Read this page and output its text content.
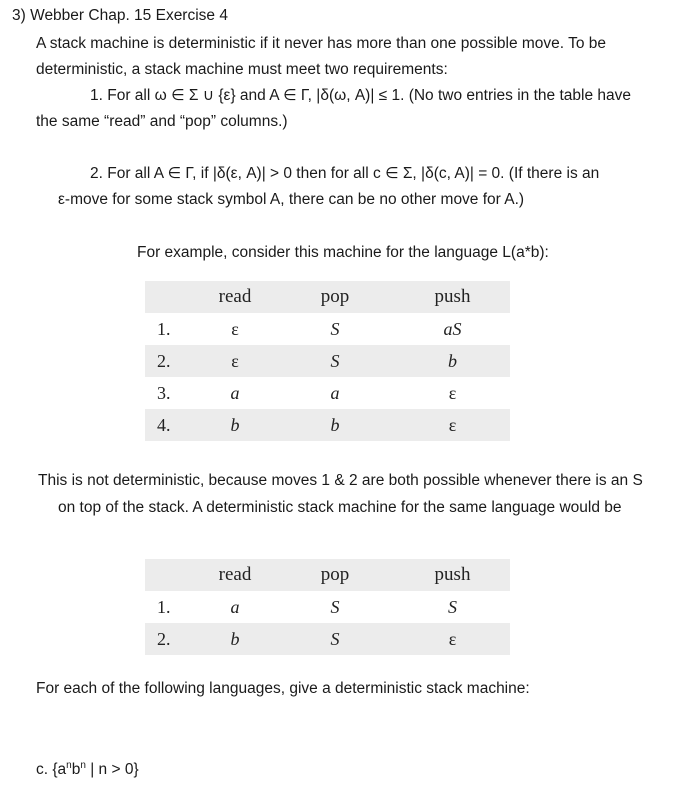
3) Webber Chap. 15 Exercise 4
A stack machine is deterministic if it never has more than one possible move. To be
deterministic, a stack machine must meet two requirements:
1. For all ω ∈ Σ ∪ {ε} and A ∈ Γ, |δ(ω, A)| ≤ 1. (No two entries in the table have
the same “read” and “pop” columns.)
2. For all A ∈ Γ, if |δ(ε, A)| > 0 then for all c ∈ Σ, |δ(c, A)| = 0. (If there is an
ε-move for some stack symbol A, there can be no other move for A.)
For example, consider this machine for the language L(a*b):
	read	pop	push
1.	ε	S	aS
2.	ε	S	b
3.	a	a	ε
4.	b	b	ε
This is not deterministic, because moves 1 & 2 are both possible whenever there is an S
on top of the stack. A deterministic stack machine for the same language would be
	read	pop	push
1.	a	S	S
2.	b	S	ε
For each of the following languages, give a deterministic stack machine:
c. {$a^nb^n$ | n > 0}
